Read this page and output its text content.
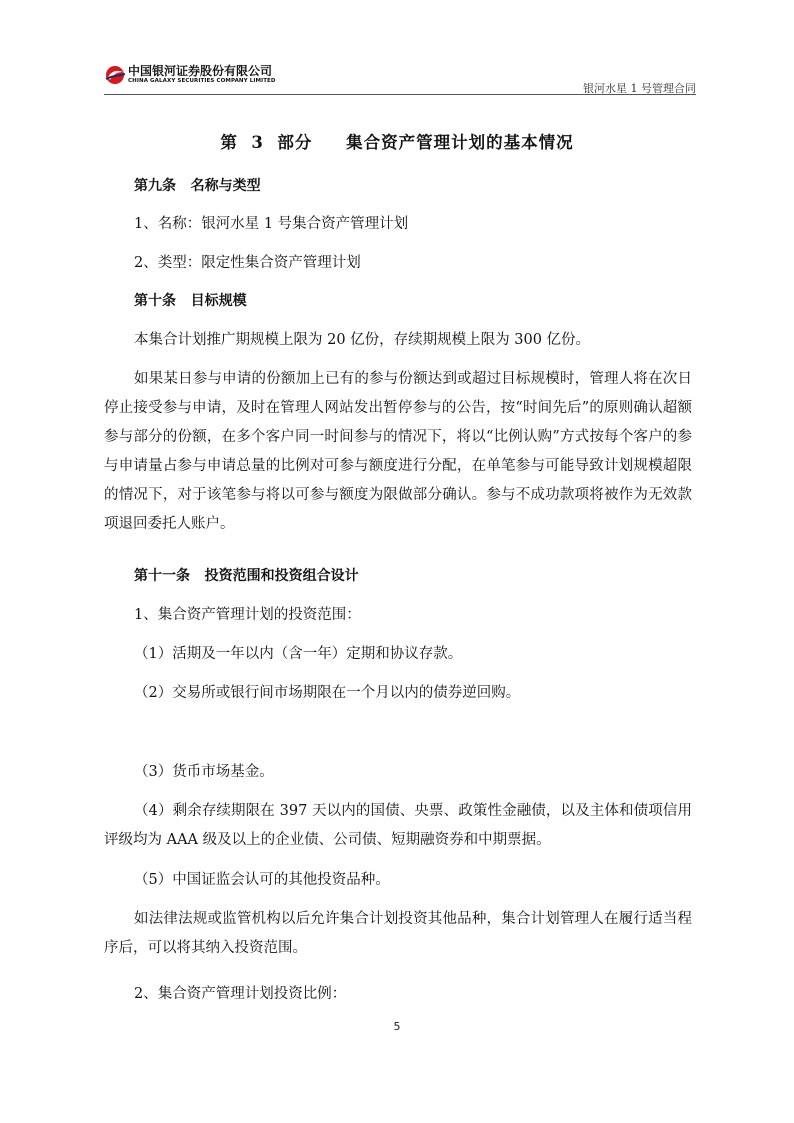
中国银河证券股份有限公司
CHINA GALAXY SECURITIES COMPANY LIMITED
银河水星 1 号管理合同
第  3  部分     集合资产管理计划的基本情况
第九条   名称与类型
1、名称：银河水星 1 号集合资产管理计划
2、类型：限定性集合资产管理计划
第十条   目标规模
本集合计划推广期规模上限为 20 亿份，存续期规模上限为 300 亿份。
如果某日参与申请的份额加上已有的参与份额达到或超过目标规模时，管理人将在次日停止接受参与申请，及时在管理人网站发出暂停参与的公告，按“时间先后”的原则确认超额参与部分的份额，在多个客户同一时间参与的情况下，将以“比例认购”方式按每个客户的参与申请量占参与申请总量的比例对可参与额度进行分配，在单笔参与可能导致计划规模超限的情况下，对于该笔参与将以可参与额度为限做部分确认。参与不成功款项将被作为无效款项退回委托人账户。
第十一条   投资范围和投资组合设计
1、集合资产管理计划的投资范围：
（1）活期及一年以内（含一年）定期和协议存款。
（2）交易所或银行间市场期限在一个月以内的债券逆回购。
（3）货币市场基金。
（4）剩余存续期限在 397 天以内的国债、央票、政策性金融债，以及主体和债项信用评级均为 AAA 级及以上的企业债、公司债、短期融资券和中期票据。
（5）中国证监会认可的其他投资品种。
如法律法规或监管机构以后允许集合计划投资其他品种，集合计划管理人在履行适当程序后，可以将其纳入投资范围。
2、集合资产管理计划投资比例：
5
